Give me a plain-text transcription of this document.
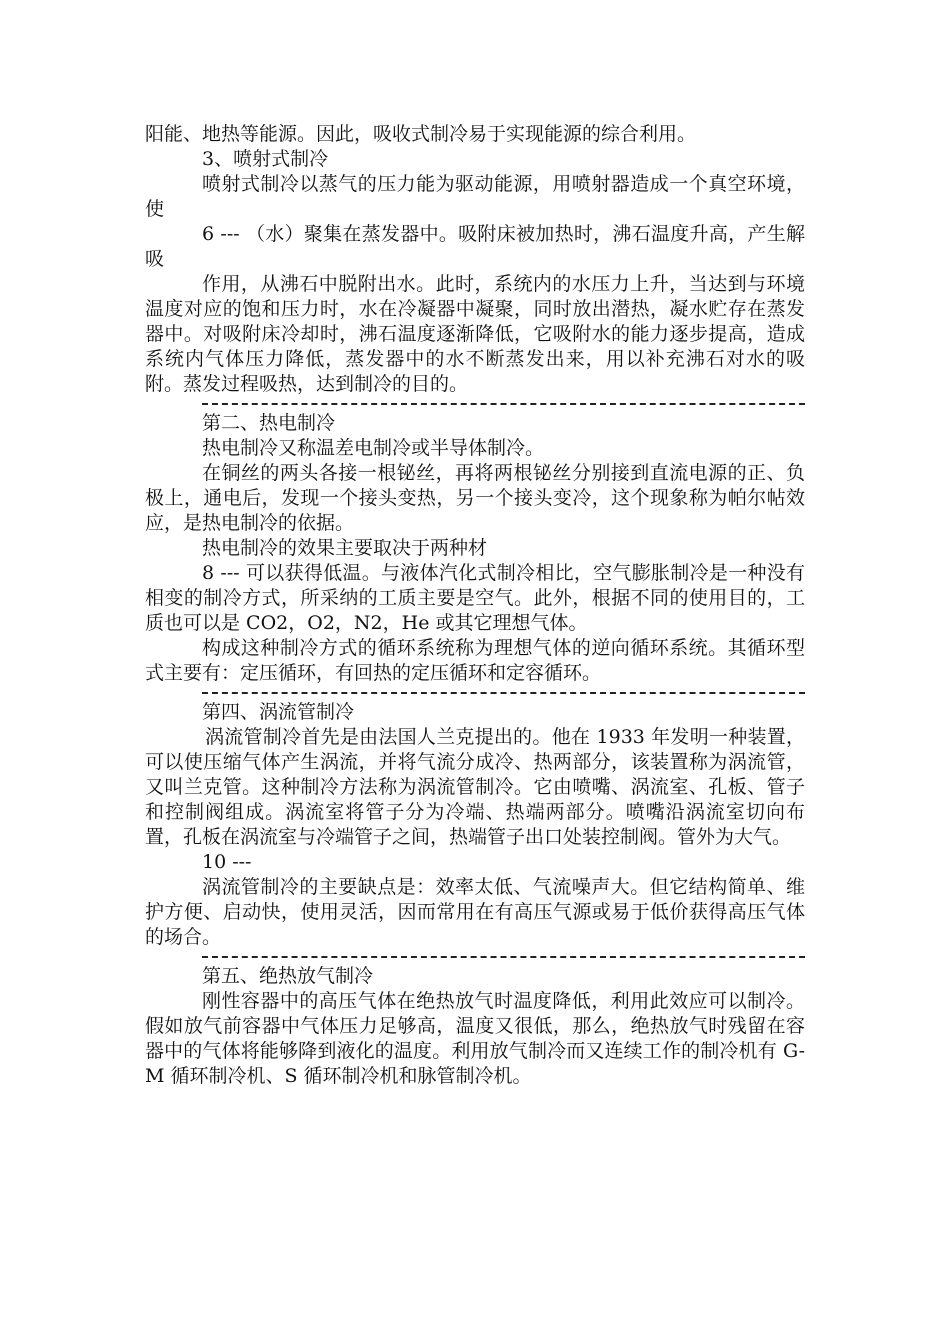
阳能、地热等能源。因此，吸收式制冷易于实现能源的综合利用。

3、喷射式制冷

喷射式制冷以蒸气的压力能为驱动能源，用喷射器造成一个真空环境，使

6 --- （水）聚集在蒸发器中。吸附床被加热时，沸石温度升高，产生解吸

作用，从沸石中脱附出水。此时，系统内的水压力上升，当达到与环境温度对应的饱和压力时，水在冷凝器中凝聚，同时放出潜热，凝水贮存在蒸发器中。对吸附床冷却时，沸石温度逐渐降低，它吸附水的能力逐步提高，造成系统内气体压力降低，蒸发器中的水不断蒸发出来，用以补充沸石对水的吸附。蒸发过程吸热，达到制冷的目的。

第二、热电制冷

热电制冷又称温差电制冷或半导体制冷。

在铜丝的两头各接一根铋丝，再将两根铋丝分别接到直流电源的正、负极上，通电后，发现一个接头变热，另一个接头变冷，这个现象称为帕尔帖效应，是热电制冷的依据。

热电制冷的效果主要取决于两种材

8 --- 可以获得低温。与液体汽化式制冷相比，空气膨胀制冷是一种没有相变的制冷方式，所采纳的工质主要是空气。此外，根据不同的使用目的，工质也可以是 CO2，O2，N2，He 或其它理想气体。

构成这种制冷方式的循环系统称为理想气体的逆向循环系统。其循环型式主要有：定压循环，有回热的定压循环和定容循环。

第四、涡流管制冷

涡流管制冷首先是由法国人兰克提出的。他在 1933 年发明一种装置，可以使压缩气体产生涡流，并将气流分成冷、热两部分，该装置称为涡流管，又叫兰克管。这种制冷方法称为涡流管制冷。它由喷嘴、涡流室、孔板、管子和控制阀组成。涡流室将管子分为冷端、热端两部分。喷嘴沿涡流室切向布置，孔板在涡流室与冷端管子之间，热端管子出口处装控制阀。管外为大气。

10 ---

涡流管制冷的主要缺点是：效率太低、气流噪声大。但它结构简单、维护方便、启动快，使用灵活，因而常用在有高压气源或易于低价获得高压气体的场合。

第五、绝热放气制冷

刚性容器中的高压气体在绝热放气时温度降低，利用此效应可以制冷。假如放气前容器中气体压力足够高，温度又很低，那么，绝热放气时残留在容器中的气体将能够降到液化的温度。利用放气制冷而又连续工作的制冷机有 G-M 循环制冷机、S 循环制冷机和脉管制冷机。
